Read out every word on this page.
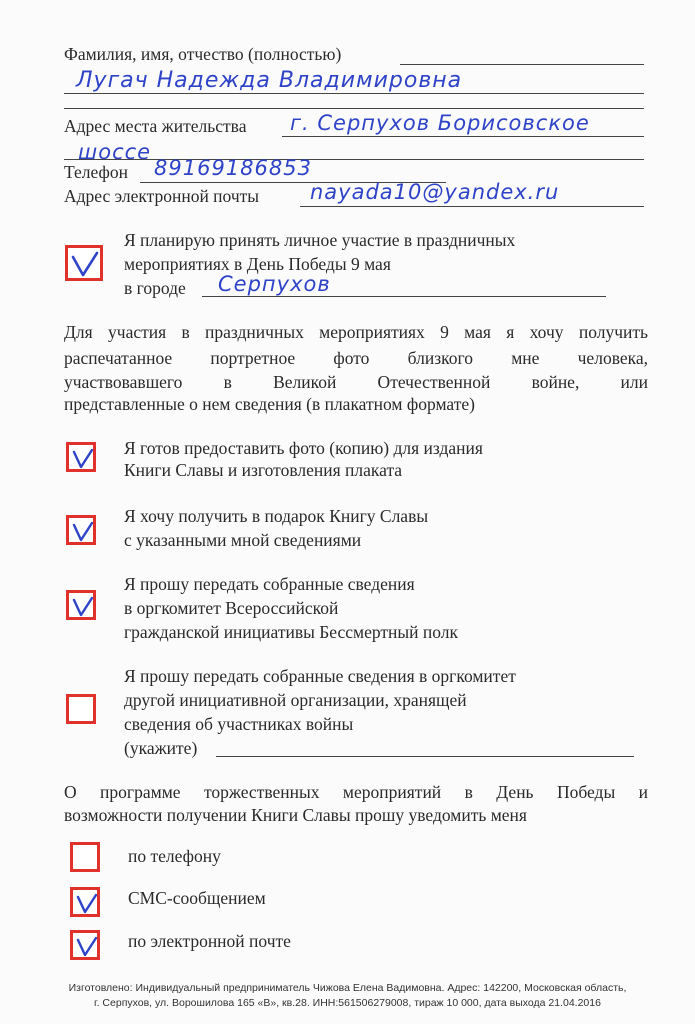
Фамилия, имя, отчество (полностью)
Лугач Надежда Владимировна
Адрес места жительства г. Серпухов Борисовское
шоссе
Телефон 89169186853
Адрес электронной почты nayada10@yandex.ru
Я планирую принять личное участие в праздничных
мероприятиях в День Победы 9 мая
в городе Серпухов
Для участия в праздничных мероприятиях 9 мая я хочу получить
распечатанное портретное фото близкого мне человека,
участвовавшего в Великой Отечественной войне, или
представленные о нем сведения (в плакатном формате)
Я готов предоставить фото (копию) для издания
Книги Славы и изготовления плаката
Я хочу получить в подарок Книгу Славы
с указанными мной сведениями
Я прошу передать собранные сведения
в оргкомитет Всероссийской
гражданской инициативы Бессмертный полк
Я прошу передать собранные сведения в оргкомитет
другой инициативной организации, хранящей
сведения об участниках войны
(укажите)
О программе торжественных мероприятий в День Победы и
возможности получении Книги Славы прошу уведомить меня
по телефону
СМС-сообщением
по электронной почте
Изготовлено: Индивидуальный предприниматель Чижова Елена Вадимовна. Адрес: 142200, Московская область,
г. Серпухов, ул. Ворошилова 165 «В», кв.28. ИНН:561506279008, тираж 10 000, дата выхода 21.04.2016
